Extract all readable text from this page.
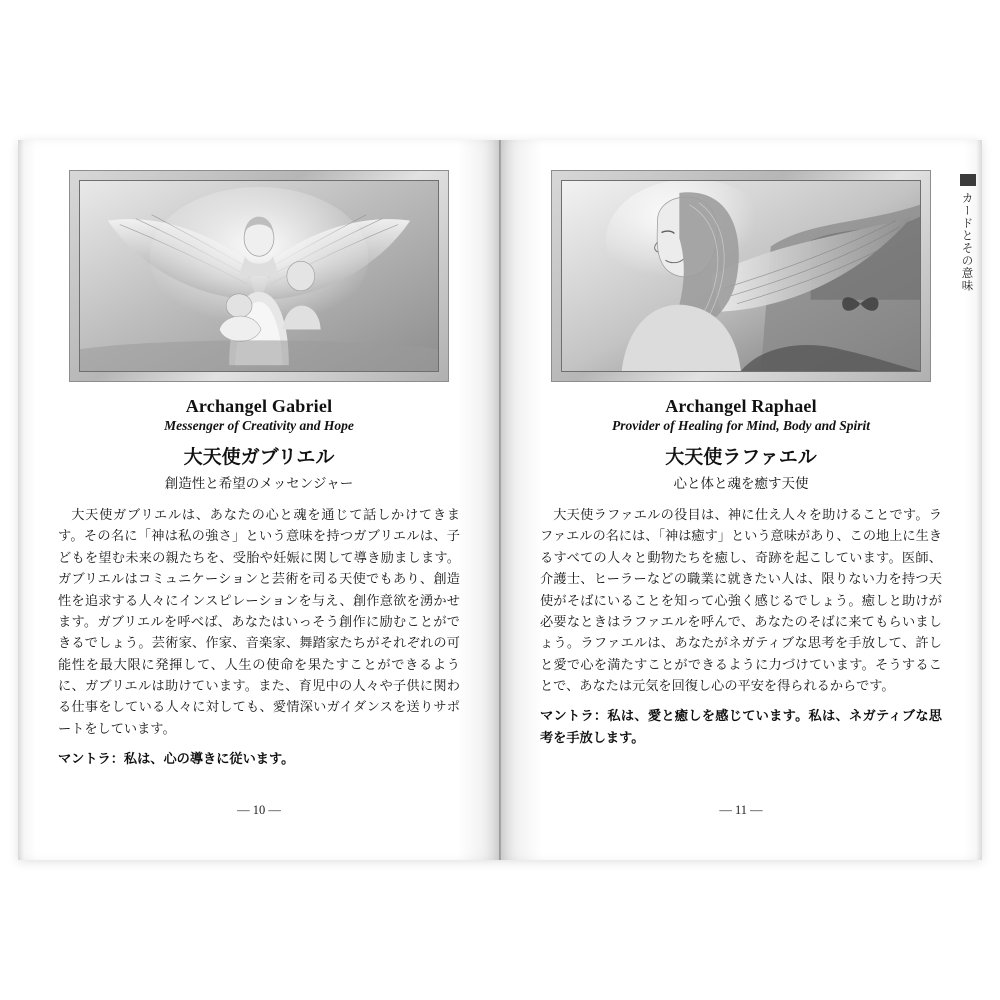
Archangel Gabriel
Messenger of Creativity and Hope
大天使ガブリエル
創造性と希望のメッセンジャー
大天使ガブリエルは、あなたの心と魂を通じて話しかけてきます。その名に「神は私の強さ」という意味を持つガブリエルは、子どもを望む未来の親たちを、受胎や妊娠に関して導き励まします。ガブリエルはコミュニケーションと芸術を司る天使でもあり、創造性を追求する人々にインスピレーションを与え、創作意欲を湧かせます。ガブリエルを呼べば、あなたはいっそう創作に励むことができるでしょう。芸術家、作家、音楽家、舞踏家たちがそれぞれの可能性を最大限に発揮して、人生の使命を果たすことができるように、ガブリエルは助けています。また、育児中の人々や子供に関わる仕事をしている人々に対しても、愛情深いガイダンスを送りサポートをしています。
マントラ：私は、心の導きに従います。
— 10 —
カードとその意味
Archangel Raphael
Provider of Healing for Mind, Body and Spirit
大天使ラファエル
心と体と魂を癒す天使
大天使ラファエルの役目は、神に仕え人々を助けることです。ラファエルの名には、「神は癒す」という意味があり、この地上に生きるすべての人々と動物たちを癒し、奇跡を起こしています。医師、介護士、ヒーラーなどの職業に就きたい人は、限りない力を持つ天使がそばにいることを知って心強く感じるでしょう。癒しと助けが必要なときはラファエルを呼んで、あなたのそばに来てもらいましょう。ラファエルは、あなたがネガティブな思考を手放して、許しと愛で心を満たすことができるように力づけています。そうすることで、あなたは元気を回復し心の平安を得られるからです。
マントラ：私は、愛と癒しを感じています。私は、ネガティブな思考を手放します。
— 11 —
